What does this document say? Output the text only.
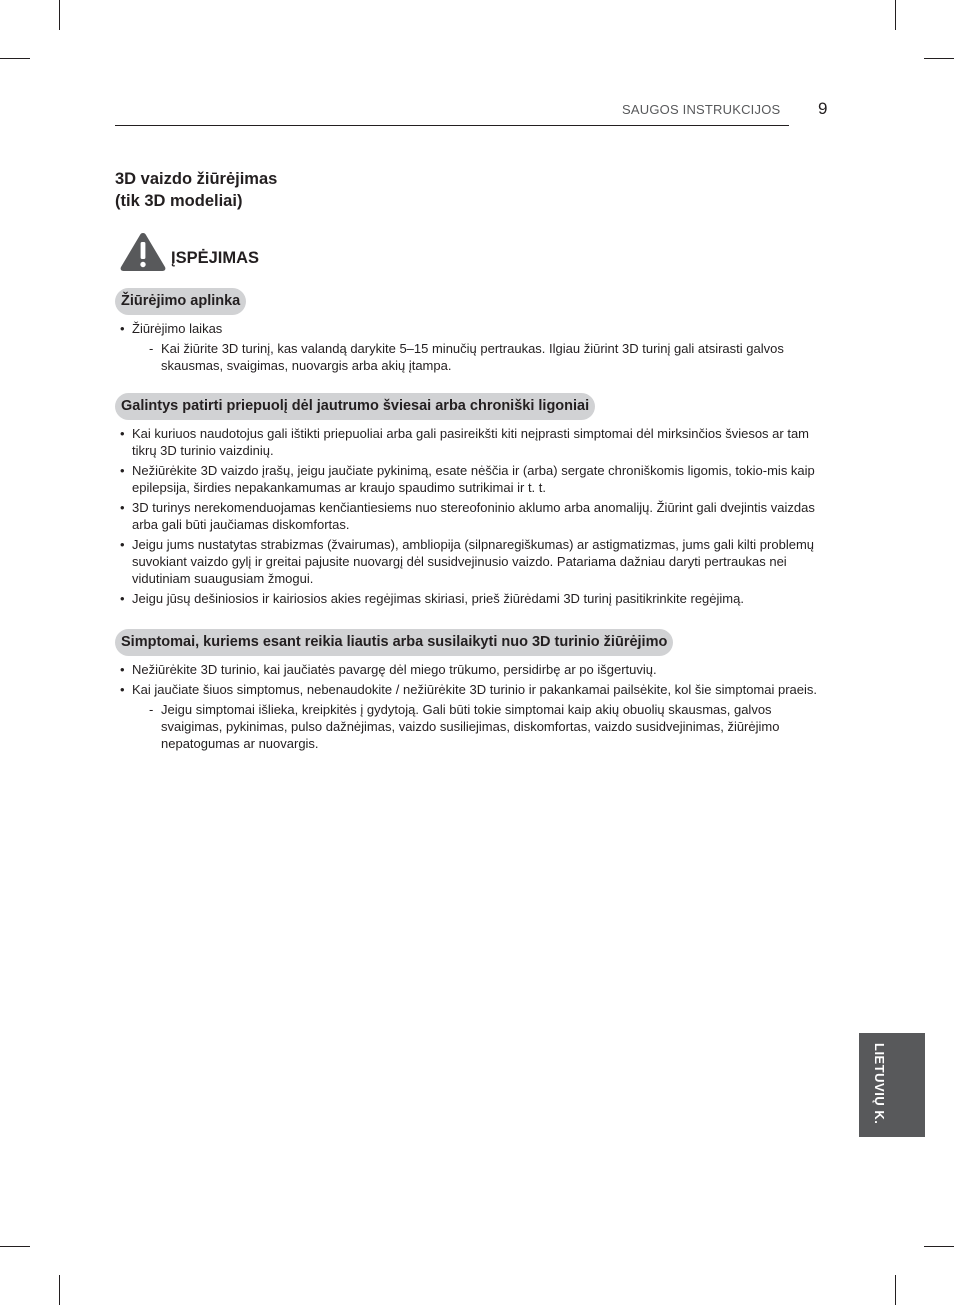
SAUGOS INSTRUKCIJOS 9
3D vaizdo žiūrėjimas
(tik 3D modeliai)
ĮSPĖJIMAS
Žiūrėjimo aplinka
• Žiūrėjimo laikas
- Kai žiūrite 3D turinį, kas valandą darykite 5–15 minučių pertraukas. Ilgiau žiūrint 3D turinį gali atsirasti galvos skausmas, svaigimas, nuovargis arba akių įtampa.
Galintys patirti priepuolį dėl jautrumo šviesai arba chroniški ligoniai
• Kai kuriuos naudotojus gali ištikti priepuoliai arba gali pasireikšti kiti neįprasti simptomai dėl mirksinčios šviesos ar tam tikrų 3D turinio vaizdinių.
• Nežiūrėkite 3D vaizdo įrašų, jeigu jaučiate pykinimą, esate nėščia ir (arba) sergate chroniškomis ligomis, tokio-mis kaip epilepsija, širdies nepakankamumas ar kraujo spaudimo sutrikimai ir t. t.
• 3D turinys nerekomenduojamas kenčiantiesiems nuo stereofoninio aklumo arba anomalijų. Žiūrint gali dvejintis vaizdas arba gali būti jaučiamas diskomfortas.
• Jeigu jums nustatytas strabizmas (žvairumas), ambliopija (silpnaregiškumas) ar astigmatizmas, jums gali kilti problemų suvokiant vaizdo gylį ir greitai pajusite nuovargį dėl susidvejinusio vaizdo. Patariama dažniau daryti pertraukas nei vidutiniam suaugusiam žmogui.
• Jeigu jūsų dešiniosios ir kairiosios akies regėjimas skiriasi, prieš žiūrėdami 3D turinį pasitikrinkite regėjimą.
Simptomai, kuriems esant reikia liautis arba susilaikyti nuo 3D turinio žiūrėjimo
• Nežiūrėkite 3D turinio, kai jaučiatės pavargę dėl miego trūkumo, persidirbę ar po išgertuvių.
• Kai jaučiate šiuos simptomus, nebenaudokite / nežiūrėkite 3D turinio ir pakankamai pailsėkite, kol šie simptomai praeis.
- Jeigu simptomai išlieka, kreipkitės į gydytoją. Gali būti tokie simptomai kaip akių obuolių skausmas, galvos svaigimas, pykinimas, pulso dažnėjimas, vaizdo susiliejimas, diskomfortas, vaizdo susidvejinimas, žiūrėjimo nepatogumas ar nuovargis.
LIETUVIŲ K.
